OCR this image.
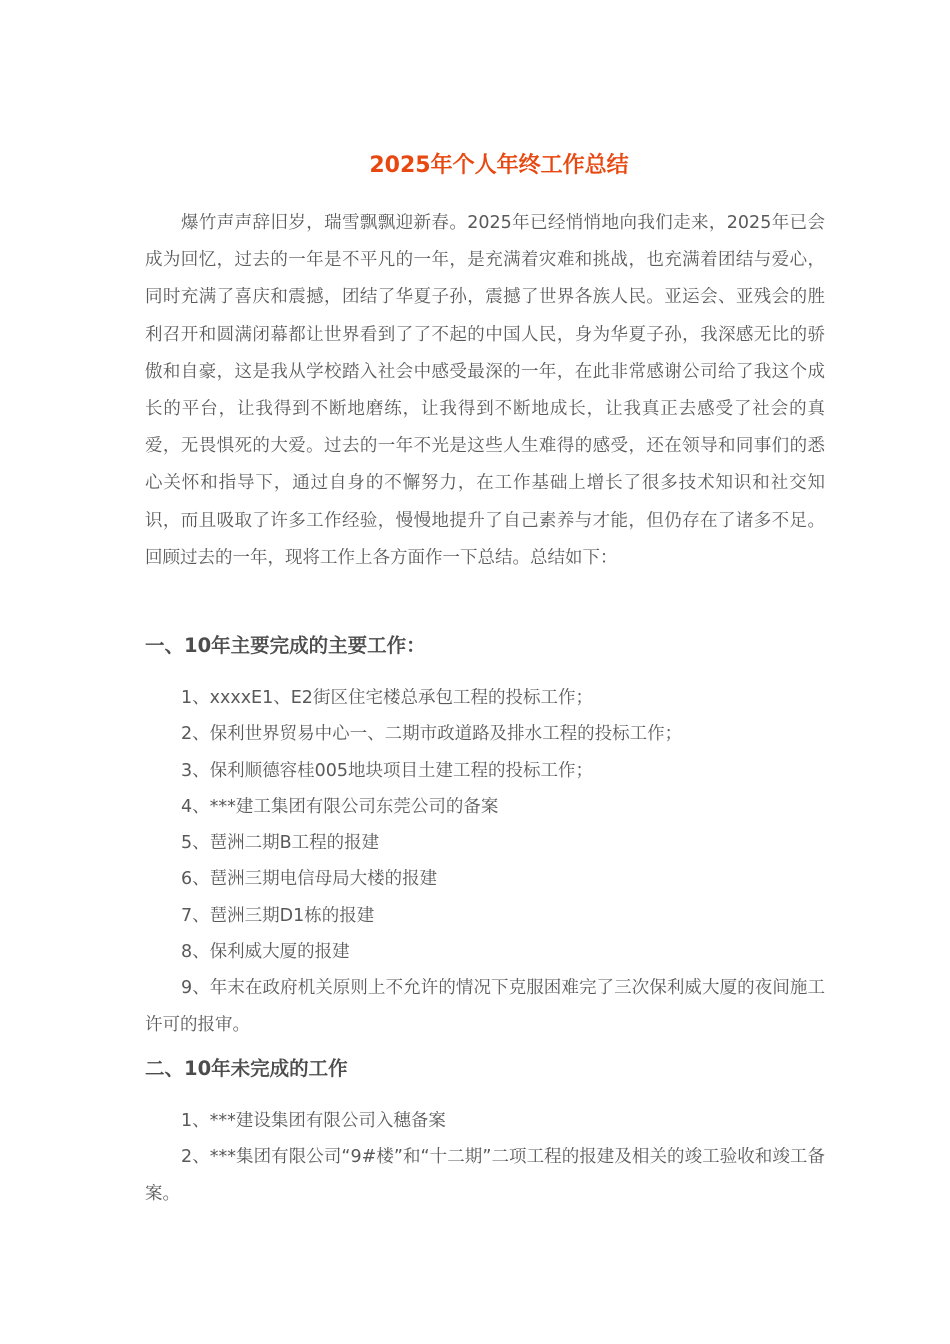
2025年个人年终工作总结

爆竹声声辞旧岁，瑞雪飘飘迎新春。2025年已经悄悄地向我们走来，2025年已会成为回忆，过去的一年是不平凡的一年，是充满着灾难和挑战，也充满着团结与爱心，同时充满了喜庆和震撼，团结了华夏子孙，震撼了世界各族人民。亚运会、亚残会的胜利召开和圆满闭幕都让世界看到了了不起的中国人民，身为华夏子孙，我深感无比的骄傲和自豪，这是我从学校踏入社会中感受最深的一年，在此非常感谢公司给了我这个成长的平台，让我得到不断地磨练，让我得到不断地成长，让我真正去感受了社会的真爱，无畏惧死的大爱。过去的一年不光是这些人生难得的感受，还在领导和同事们的悉心关怀和指导下，通过自身的不懈努力，在工作基础上增长了很多技术知识和社交知识，而且吸取了许多工作经验，慢慢地提升了自己素养与才能，但仍存在了诸多不足。回顾过去的一年，现将工作上各方面作一下总结。总结如下：

一、10年主要完成的主要工作：
1、xxxxE1、E2街区住宅楼总承包工程的投标工作；
2、保利世界贸易中心一、二期市政道路及排水工程的投标工作；
3、保利顺德容桂005地块项目土建工程的投标工作；
4、***建工集团有限公司东莞公司的备案
5、琶洲二期B工程的报建
6、琶洲三期电信母局大楼的报建
7、琶洲三期D1栋的报建
8、保利威大厦的报建
9、年末在政府机关原则上不允许的情况下克服困难完了三次保利威大厦的夜间施工许可的报审。
二、10年未完成的工作
1、***建设集团有限公司入穗备案
2、***集团有限公司“9#楼”和“十二期”二项工程的报建及相关的竣工验收和竣工备案。
